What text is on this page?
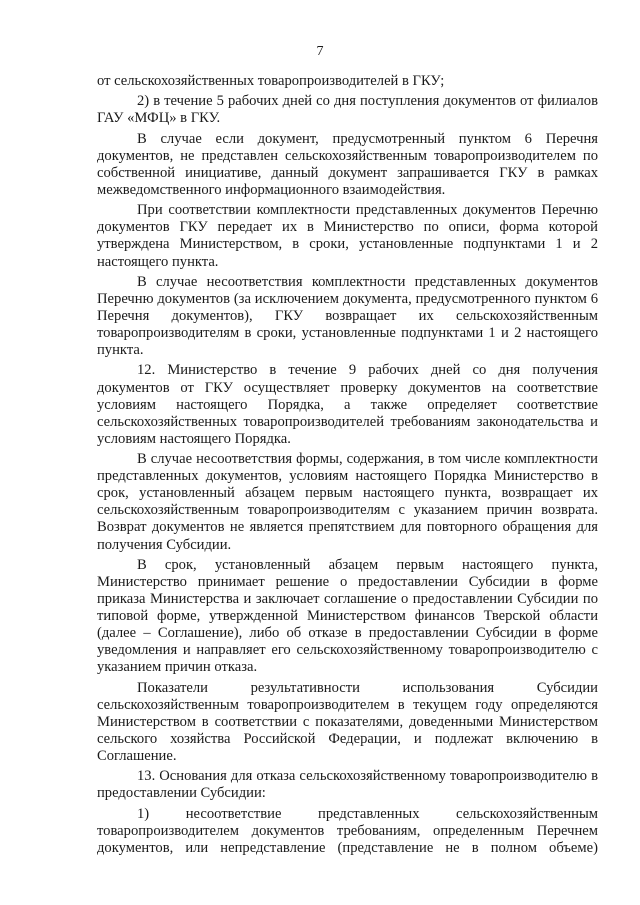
7

от сельскохозяйственных товаропроизводителей в ГКУ;

2) в течение 5 рабочих дней со дня поступления документов от филиалов ГАУ «МФЦ» в ГКУ.

В случае если документ, предусмотренный пунктом 6 Перечня документов, не представлен сельскохозяйственным товаропроизводителем по собственной инициативе, данный документ запрашивается ГКУ в рамках межведомственного информационного взаимодействия.

При соответствии комплектности представленных документов Перечню документов ГКУ передает их в Министерство по описи, форма которой утверждена Министерством, в сроки, установленные подпунктами 1 и 2 настоящего пункта.

В случае несоответствия комплектности представленных документов Перечню документов (за исключением документа, предусмотренного пунктом 6 Перечня документов), ГКУ возвращает их сельскохозяйственным товаропроизводителям в сроки, установленные подпунктами 1 и 2 настоящего пункта.

12. Министерство в течение 9 рабочих дней со дня получения документов от ГКУ осуществляет проверку документов на соответствие условиям настоящего Порядка, а также определяет соответствие сельскохозяйственных товаропроизводителей требованиям законодательства и условиям настоящего Порядка.

В случае несоответствия формы, содержания, в том числе комплектности представленных документов, условиям настоящего Порядка Министерство в срок, установленный абзацем первым настоящего пункта, возвращает их сельскохозяйственным товаропроизводителям с указанием причин возврата. Возврат документов не является препятствием для повторного обращения для получения Субсидии.

В срок, установленный абзацем первым настоящего пункта, Министерство принимает решение о предоставлении Субсидии в форме приказа Министерства и заключает соглашение о предоставлении Субсидии по типовой форме, утвержденной Министерством финансов Тверской области (далее – Соглашение), либо об отказе в предоставлении Субсидии в форме уведомления и направляет его сельскохозяйственному товаропроизводителю с указанием причин отказа.

Показатели результативности использования Субсидии сельскохозяйственным товаропроизводителем в текущем году определяются Министерством в соответствии с показателями, доведенными Министерством сельского хозяйства Российской Федерации, и подлежат включению в Соглашение.

13. Основания для отказа сельскохозяйственному товаропроизводителю в предоставлении Субсидии:

1) несоответствие представленных сельскохозяйственным товаропроизводителем документов требованиям, определенным Перечнем документов, или непредставление (представление не в полном объеме)
